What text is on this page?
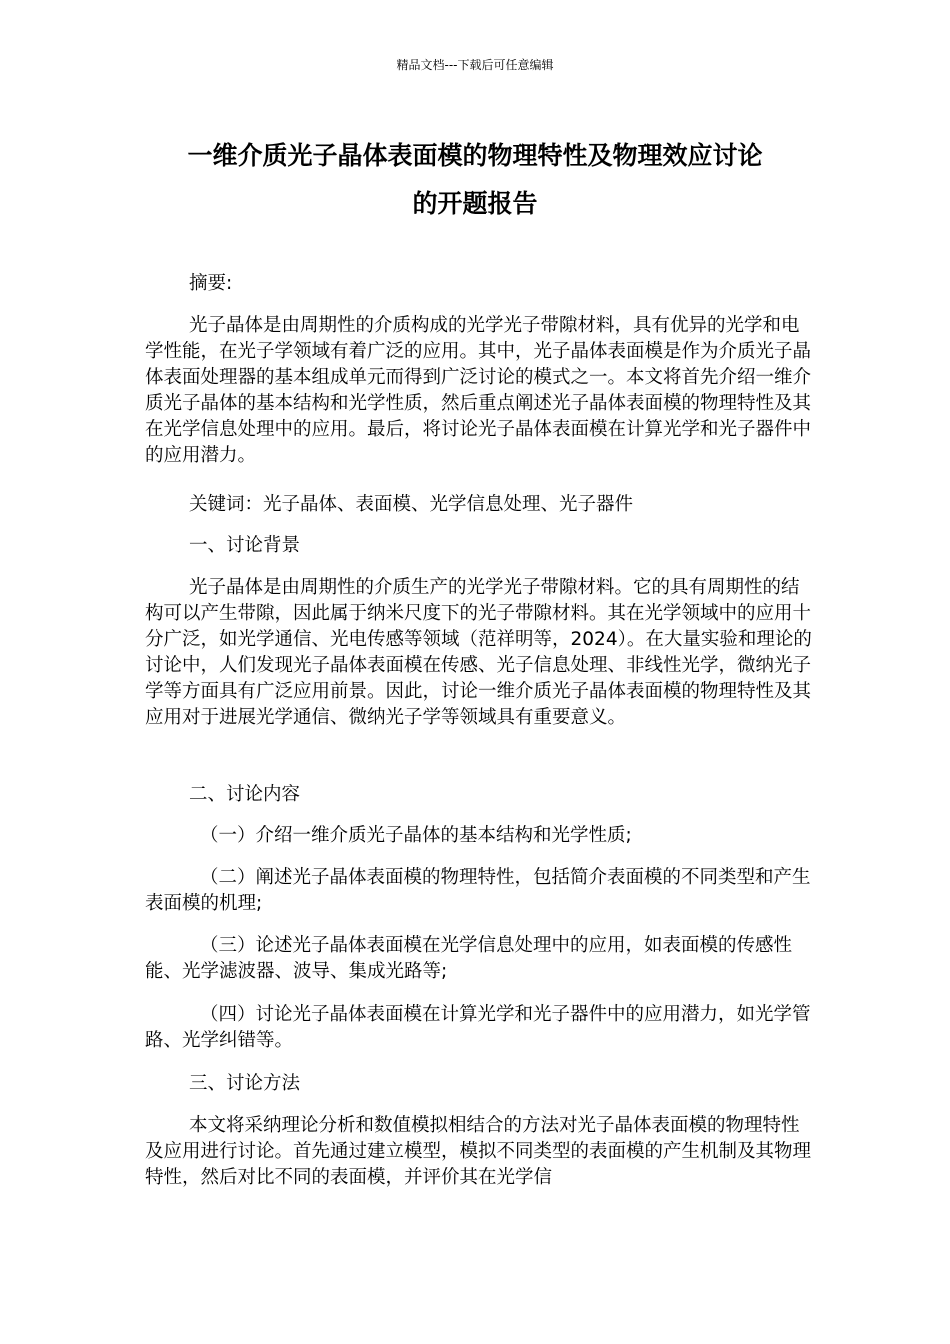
精品文档---下载后可任意编辑
一维介质光子晶体表面模的物理特性及物理效应讨论
的开题报告

摘要:

光子晶体是由周期性的介质构成的光学光子带隙材料，具有优异的光学和电学性能，在光子学领域有着广泛的应用。其中，光子晶体表面模是作为介质光子晶体表面处理器的基本组成单元而得到广泛讨论的模式之一。本文将首先介绍一维介质光子晶体的基本结构和光学性质，然后重点阐述光子晶体表面模的物理特性及其在光学信息处理中的应用。最后，将讨论光子晶体表面模在计算光学和光子器件中的应用潜力。

关键词：光子晶体、表面模、光学信息处理、光子器件

一、讨论背景

光子晶体是由周期性的介质生产的光学光子带隙材料。它的具有周期性的结构可以产生带隙，因此属于纳米尺度下的光子带隙材料。其在光学领域中的应用十分广泛，如光学通信、光电传感等领域（范祥明等，2024）。在大量实验和理论的讨论中，人们发现光子晶体表面模在传感、光子信息处理、非线性光学，微纳光子学等方面具有广泛应用前景。因此，讨论一维介质光子晶体表面模的物理特性及其应用对于进展光学通信、微纳光子学等领域具有重要意义。

二、讨论内容

（一）介绍一维介质光子晶体的基本结构和光学性质;

（二）阐述光子晶体表面模的物理特性，包括简介表面模的不同类型和产生表面模的机理;

（三）论述光子晶体表面模在光学信息处理中的应用，如表面模的传感性能、光学滤波器、波导、集成光路等;

（四）讨论光子晶体表面模在计算光学和光子器件中的应用潜力，如光学管路、光学纠错等。

三、讨论方法

本文将采纳理论分析和数值模拟相结合的方法对光子晶体表面模的物理特性及应用进行讨论。首先通过建立模型，模拟不同类型的表面模的产生机制及其物理特性，然后对比不同的表面模，并评价其在光学信
